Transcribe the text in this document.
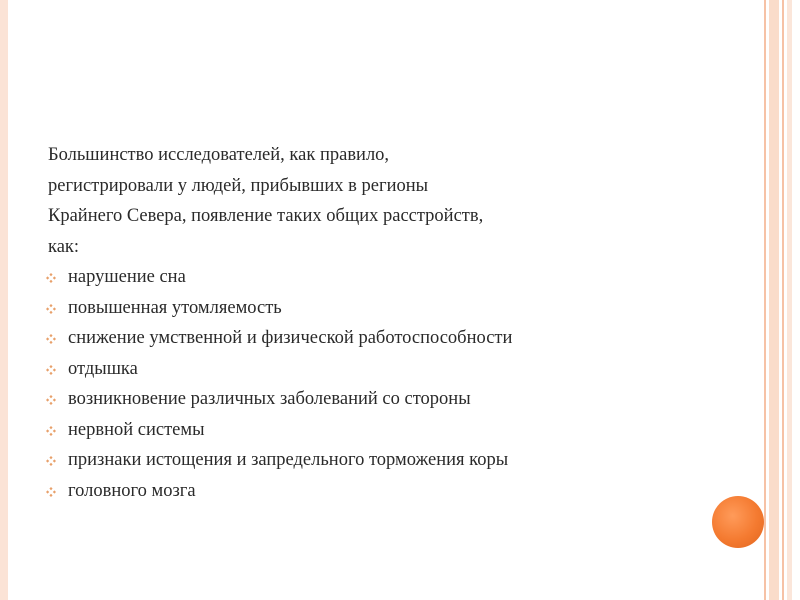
Большинство исследователей, как правило,
регистрировали у людей, прибывших в регионы
Крайнего Севера, появление таких общих расстройств,
как:

нарушение сна
повышенная утомляемость
снижение умственной и физической работоспособности
отдышка
возникновение различных заболеваний со стороны
нервной системы
признаки истощения и запредельного торможения коры
головного мозга
